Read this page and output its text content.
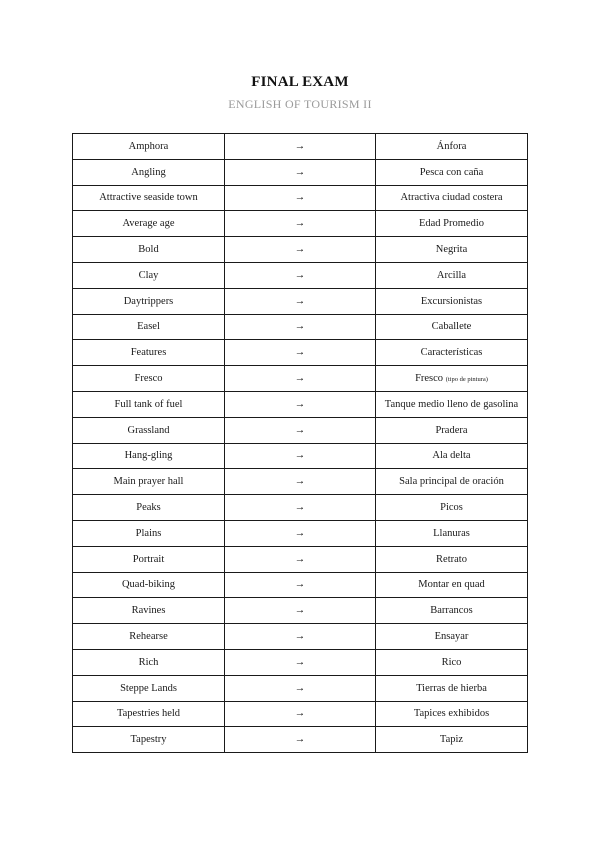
FINAL EXAM
ENGLISH OF TOURISM II
Amphora	→	Ánfora
Angling	→	Pesca con caña
Attractive seaside town	→	Atractiva ciudad costera
Average age	→	Edad Promedio
Bold	→	Negrita
Clay	→	Arcilla
Daytrippers	→	Excursionistas
Easel	→	Caballete
Features	→	Características
Fresco	→	Fresco (tipo de pintura)
Full tank of fuel	→	Tanque medio lleno de gasolina
Grassland	→	Pradera
Hang-gling	→	Ala delta
Main prayer hall	→	Sala principal de oración
Peaks	→	Picos
Plains	→	Llanuras
Portrait	→	Retrato
Quad-biking	→	Montar en quad
Ravines	→	Barrancos
Rehearse	→	Ensayar
Rich	→	Rico
Steppe Lands	→	Tierras de hierba
Tapestries held	→	Tapices exhibidos
Tapestry	→	Tapiz
